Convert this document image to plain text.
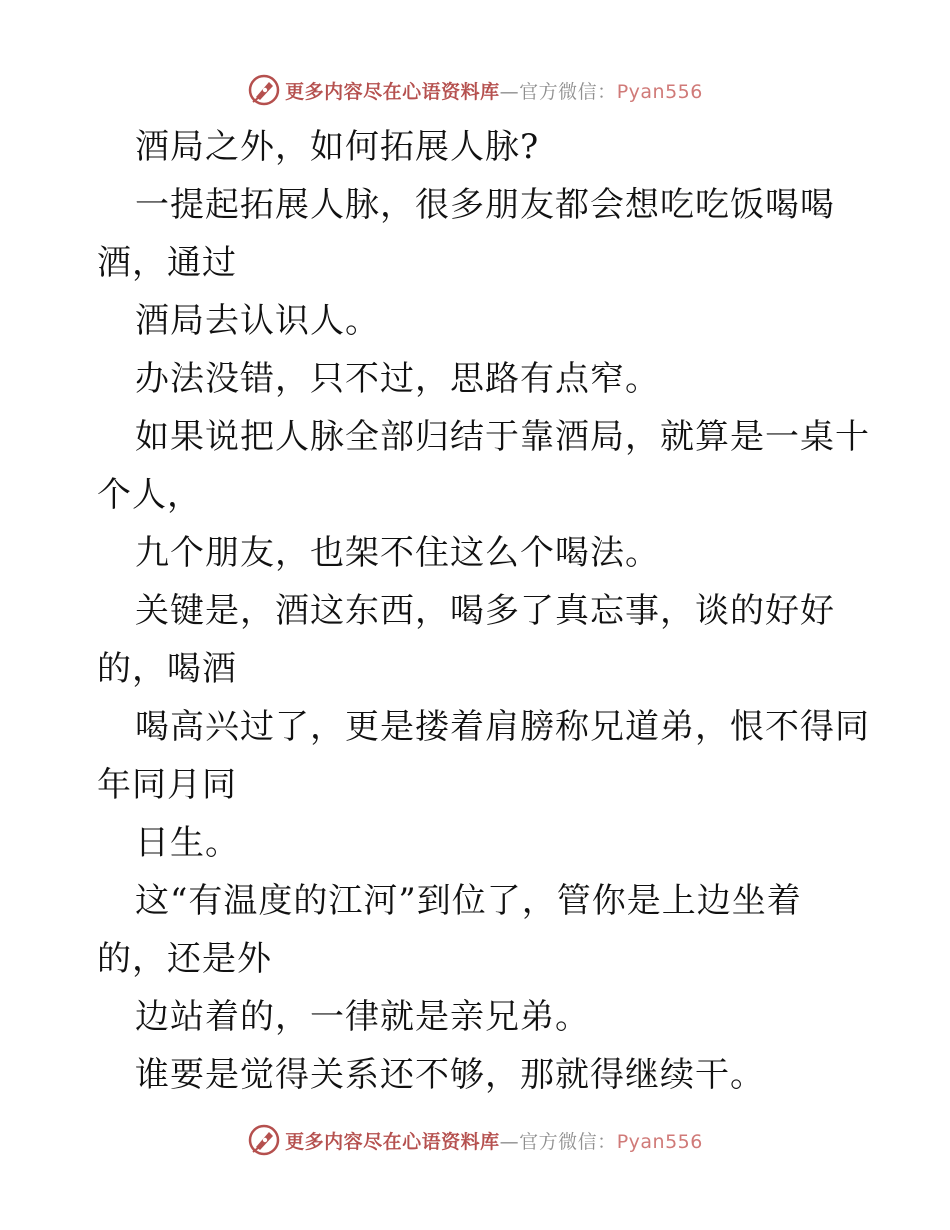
更多内容尽在心语资料库—官方微信：Pyan556
酒局之外，如何拓展人脉?
一提起拓展人脉，很多朋友都会想吃吃饭喝喝
酒，通过
酒局去认识人。
办法没错，只不过，思路有点窄。
如果说把人脉全部归结于靠酒局，就算是一桌十
个人，
九个朋友，也架不住这么个喝法。
关键是，酒这东西，喝多了真忘事，谈的好好
的，喝酒
喝高兴过了，更是搂着肩膀称兄道弟，恨不得同
年同月同
日生。
这“有温度的江河”到位了，管你是上边坐着
的，还是外
边站着的，一律就是亲兄弟。
谁要是觉得关系还不够，那就得继续干。
更多内容尽在心语资料库—官方微信：Pyan556
